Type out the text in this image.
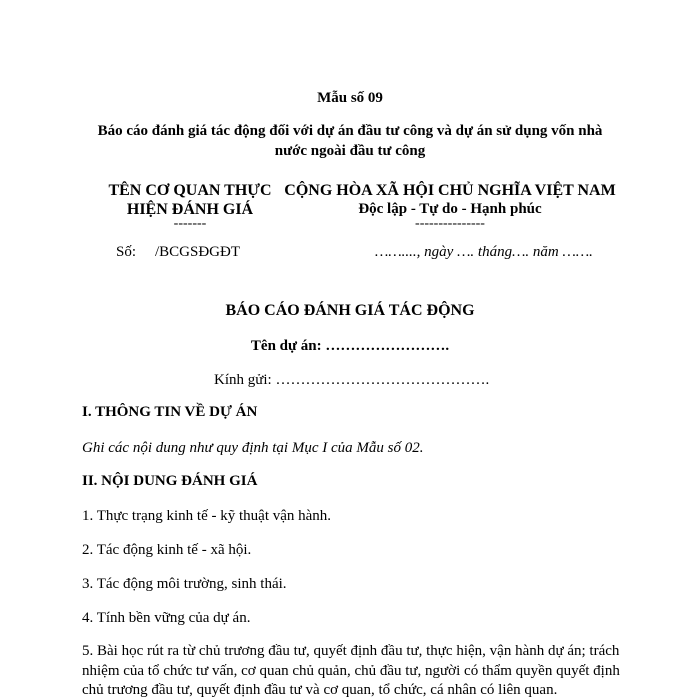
Mẫu số 09
Báo cáo đánh giá tác động đối với dự án đầu tư công và dự án sử dụng vốn nhà
nước ngoài đầu tư công
TÊN CƠ QUAN THỰC
HIỆN ĐÁNH GIÁ
-------
Số: /BCGSĐGĐT
CỘNG HÒA XÃ HỘI CHỦ NGHĨA VIỆT NAM
Độc lập - Tự do - Hạnh phúc
---------------
……...., ngày …. tháng…. năm …….
BÁO CÁO ĐÁNH GIÁ TÁC ĐỘNG
Tên dự án: …………………….
Kính gửi: …………………………………….
I. THÔNG TIN VỀ DỰ ÁN
Ghi các nội dung như quy định tại Mục I của Mẫu số 02.
II. NỘI DUNG ĐÁNH GIÁ
1. Thực trạng kinh tế - kỹ thuật vận hành.
2. Tác động kinh tế - xã hội.
3. Tác động môi trường, sinh thái.
4. Tính bền vững của dự án.
5. Bài học rút ra từ chủ trương đầu tư, quyết định đầu tư, thực hiện, vận hành dự án; trách
nhiệm của tổ chức tư vấn, cơ quan chủ quản, chủ đầu tư, người có thẩm quyền quyết định
chủ trương đầu tư, quyết định đầu tư và cơ quan, tổ chức, cá nhân có liên quan.
